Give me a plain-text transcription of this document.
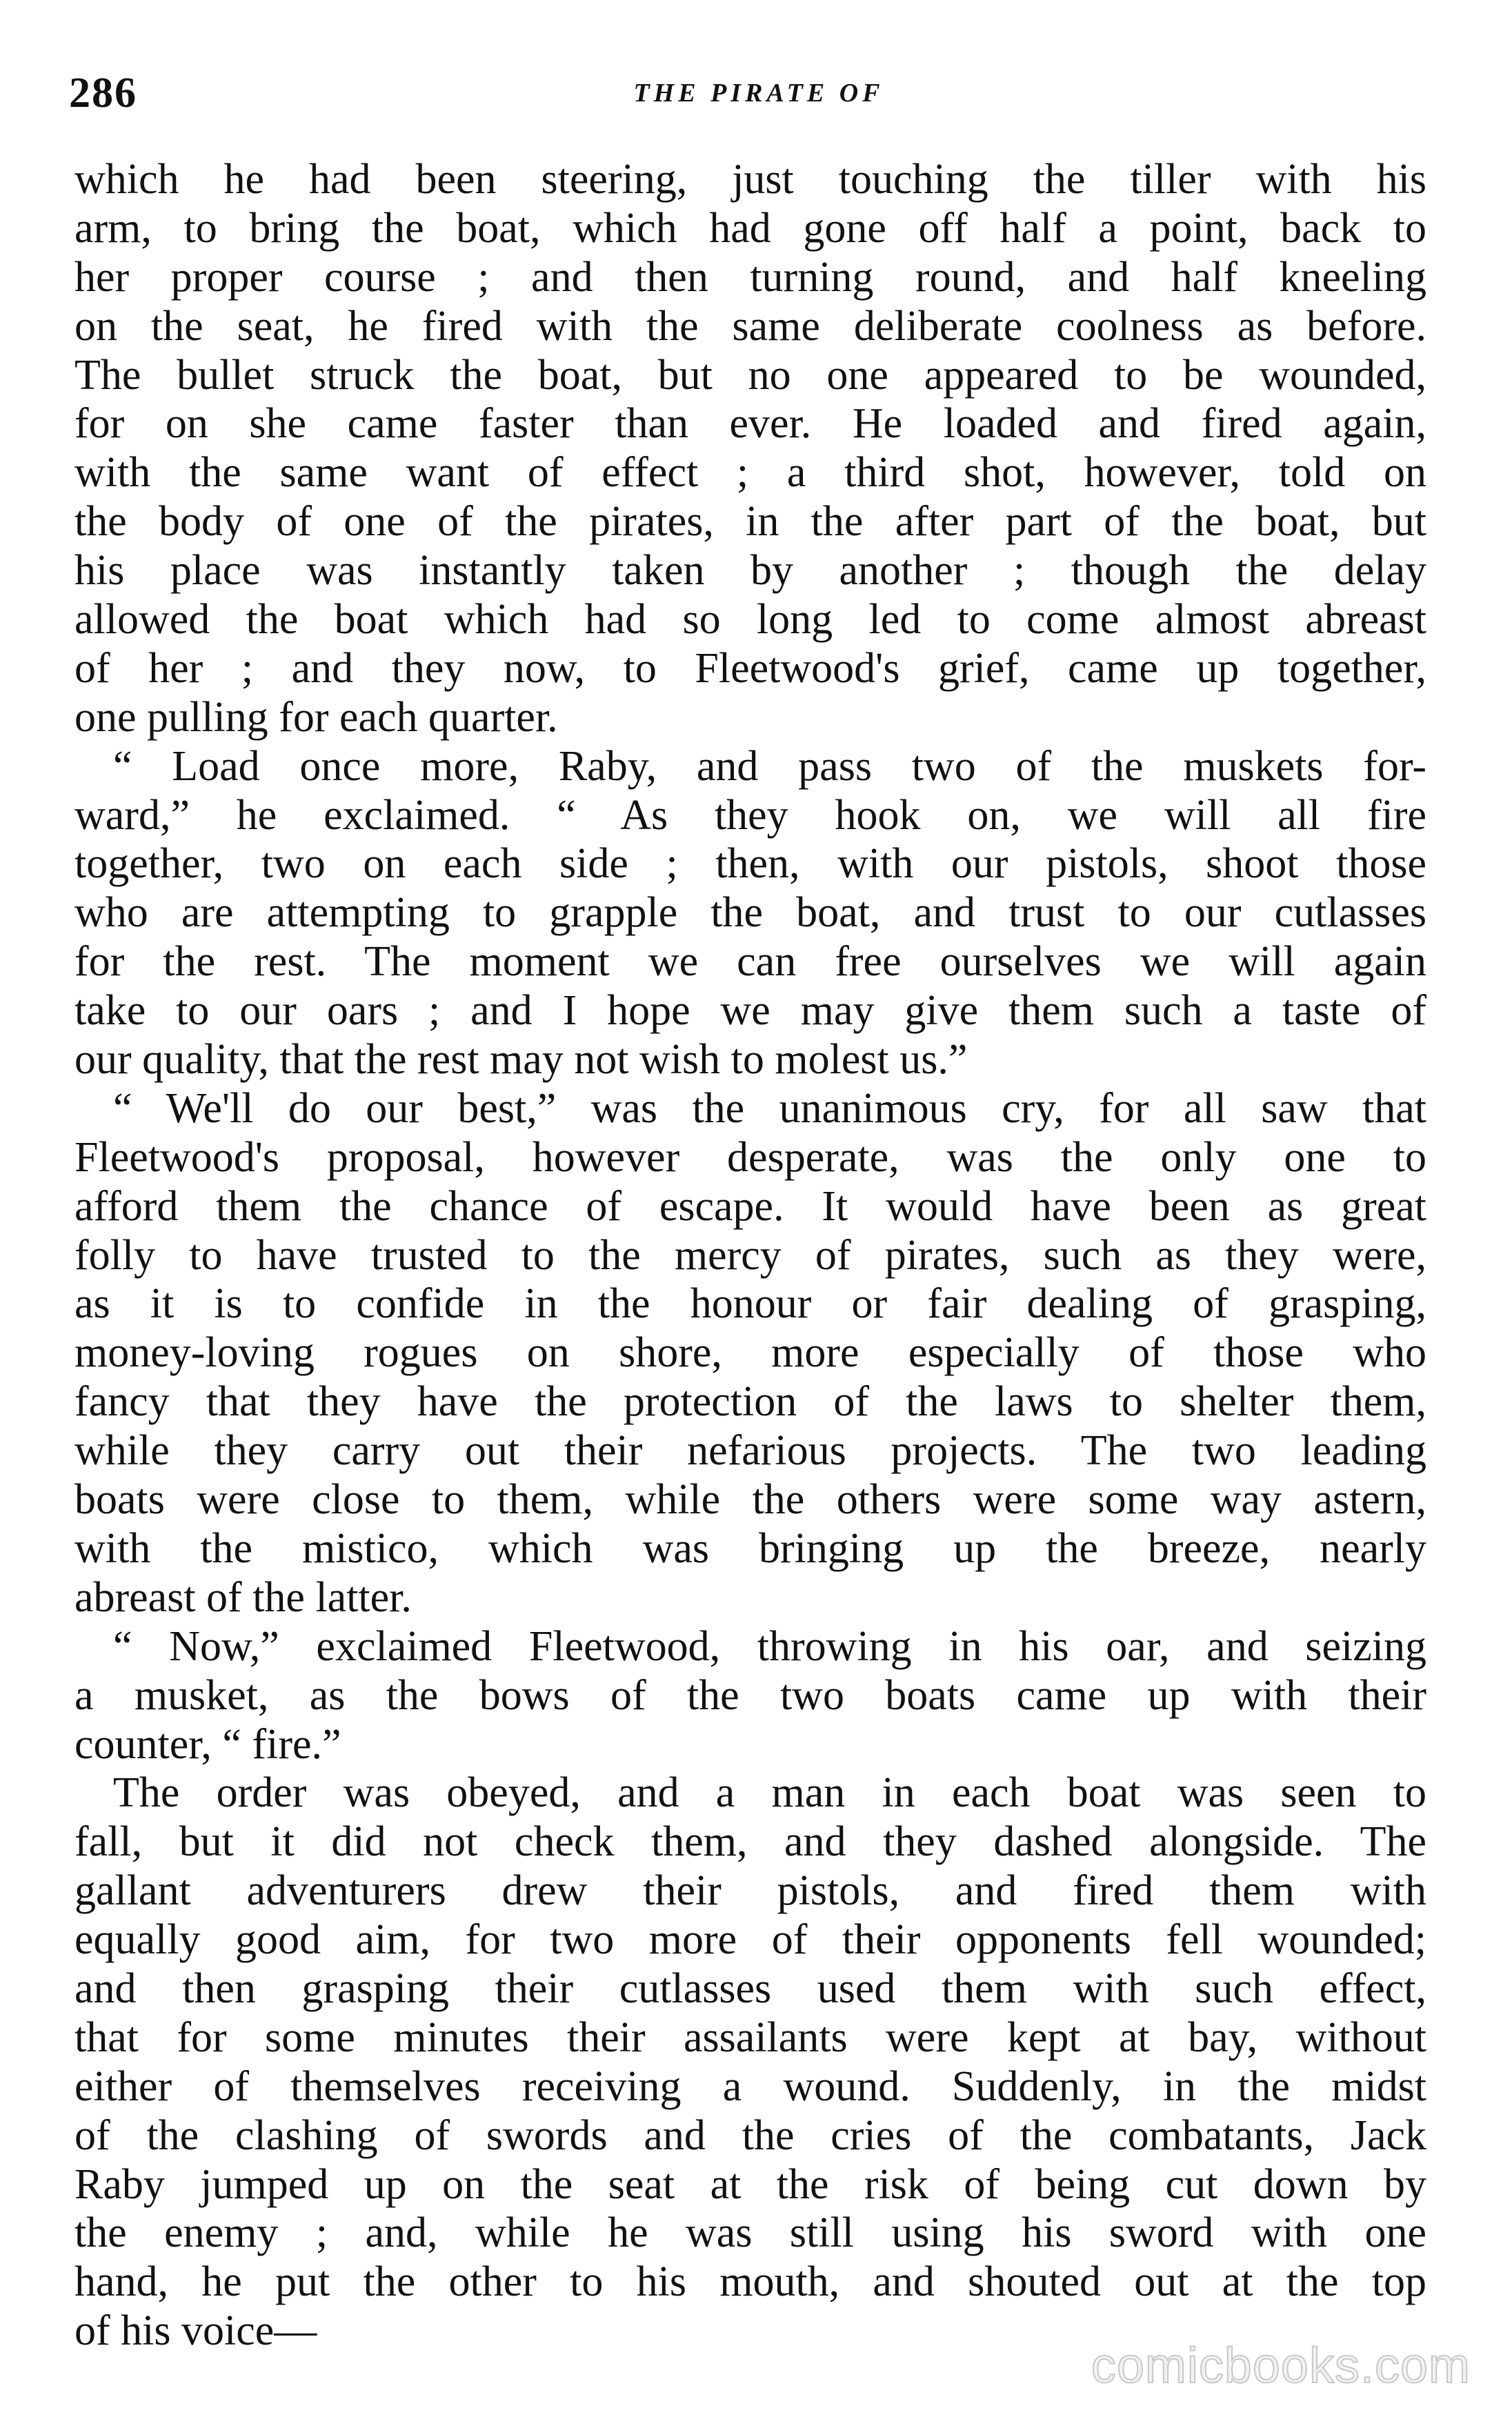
286	THE PIRATE OF
which he had been steering, just touching the tiller with his
arm, to bring the boat, which had gone off half a point, back to
her proper course ; and then turning round, and half kneeling
on the seat, he fired with the same deliberate coolness as before.
The bullet struck the boat, but no one appeared to be wounded,
for on she came faster than ever. He loaded and fired again,
with the same want of effect ; a third shot, however, told on
the body of one of the pirates, in the after part of the boat, but
his place was instantly taken by another ; though the delay
allowed the boat which had so long led to come almost abreast
of her ; and they now, to Fleetwood's grief, came up together,
one pulling for each quarter.
“ Load once more, Raby, and pass two of the muskets for-
ward,” he exclaimed. “ As they hook on, we will all fire
together, two on each side ; then, with our pistols, shoot those
who are attempting to grapple the boat, and trust to our cutlasses
for the rest. The moment we can free ourselves we will again
take to our oars ; and I hope we may give them such a taste of
our quality, that the rest may not wish to molest us.”
“ We'll do our best,” was the unanimous cry, for all saw that
Fleetwood's proposal, however desperate, was the only one to
afford them the chance of escape. It would have been as great
folly to have trusted to the mercy of pirates, such as they were,
as it is to confide in the honour or fair dealing of grasping,
money-loving rogues on shore, more especially of those who
fancy that they have the protection of the laws to shelter them,
while they carry out their nefarious projects. The two leading
boats were close to them, while the others were some way astern,
with the mistico, which was bringing up the breeze, nearly
abreast of the latter.
“ Now,” exclaimed Fleetwood, throwing in his oar, and seizing
a musket, as the bows of the two boats came up with their
counter, “ fire.”
The order was obeyed, and a man in each boat was seen to
fall, but it did not check them, and they dashed alongside. The
gallant adventurers drew their pistols, and fired them with
equally good aim, for two more of their opponents fell wounded;
and then grasping their cutlasses used them with such effect,
that for some minutes their assailants were kept at bay, without
either of themselves receiving a wound. Suddenly, in the midst
of the clashing of swords and the cries of the combatants, Jack
Raby jumped up on the seat at the risk of being cut down by
the enemy ; and, while he was still using his sword with one
hand, he put the other to his mouth, and shouted out at the top
of his voice—
comicbooks.com
